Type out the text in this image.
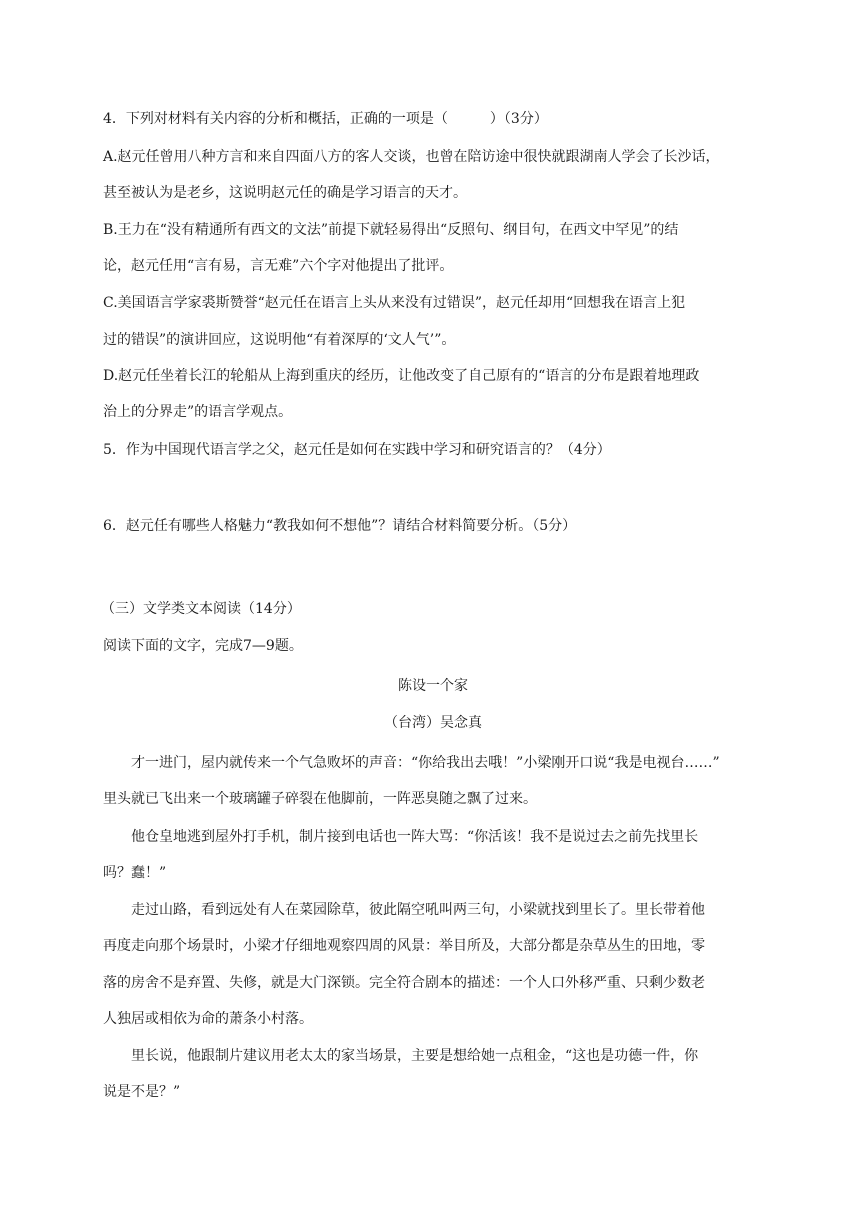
4．下列对材料有关内容的分析和概括，正确的一项是（　　　）（3分）
A.赵元任曾用八种方言和来自四面八方的客人交谈，也曾在陪访途中很快就跟湖南人学会了长沙话，
甚至被认为是老乡，这说明赵元任的确是学习语言的天才。
B.王力在“没有精通所有西文的文法”前提下就轻易得出“反照句、纲目句，在西文中罕见”的结
论，赵元任用“言有易，言无难”六个字对他提出了批评。
C.美国语言学家裘斯赞誉“赵元任在语言上头从来没有过错误”，赵元任却用“回想我在语言上犯
过的错误”的演讲回应，这说明他“有着深厚的‘文人气’”。
D.赵元任坐着长江的轮船从上海到重庆的经历，让他改变了自己原有的“语言的分布是跟着地理政
治上的分界走”的语言学观点。
5．作为中国现代语言学之父，赵元任是如何在实践中学习和研究语言的？（4分）
6．赵元任有哪些人格魅力“教我如何不想他”？请结合材料简要分析。（5分）
（三）文学类文本阅读（14分）
阅读下面的文字，完成7—9题。
陈设一个家
（台湾）吴念真
　　才一进门，屋内就传来一个气急败坏的声音：“你给我出去哦！”小梁刚开口说“我是电视台……”
里头就已飞出来一个玻璃罐子碎裂在他脚前，一阵恶臭随之飘了过来。
　　他仓皇地逃到屋外打手机，制片接到电话也一阵大骂：“你活该！我不是说过去之前先找里长
吗？蠢！”
　　走过山路，看到远处有人在菜园除草，彼此隔空吼叫两三句，小梁就找到里长了。里长带着他
再度走向那个场景时，小梁才仔细地观察四周的风景：举目所及，大部分都是杂草丛生的田地，零
落的房舍不是弃置、失修，就是大门深锁。完全符合剧本的描述：一个人口外移严重、只剩少数老
人独居或相依为命的萧条小村落。
　　里长说，他跟制片建议用老太太的家当场景，主要是想给她一点租金，“这也是功德一件，你
说是不是？”
